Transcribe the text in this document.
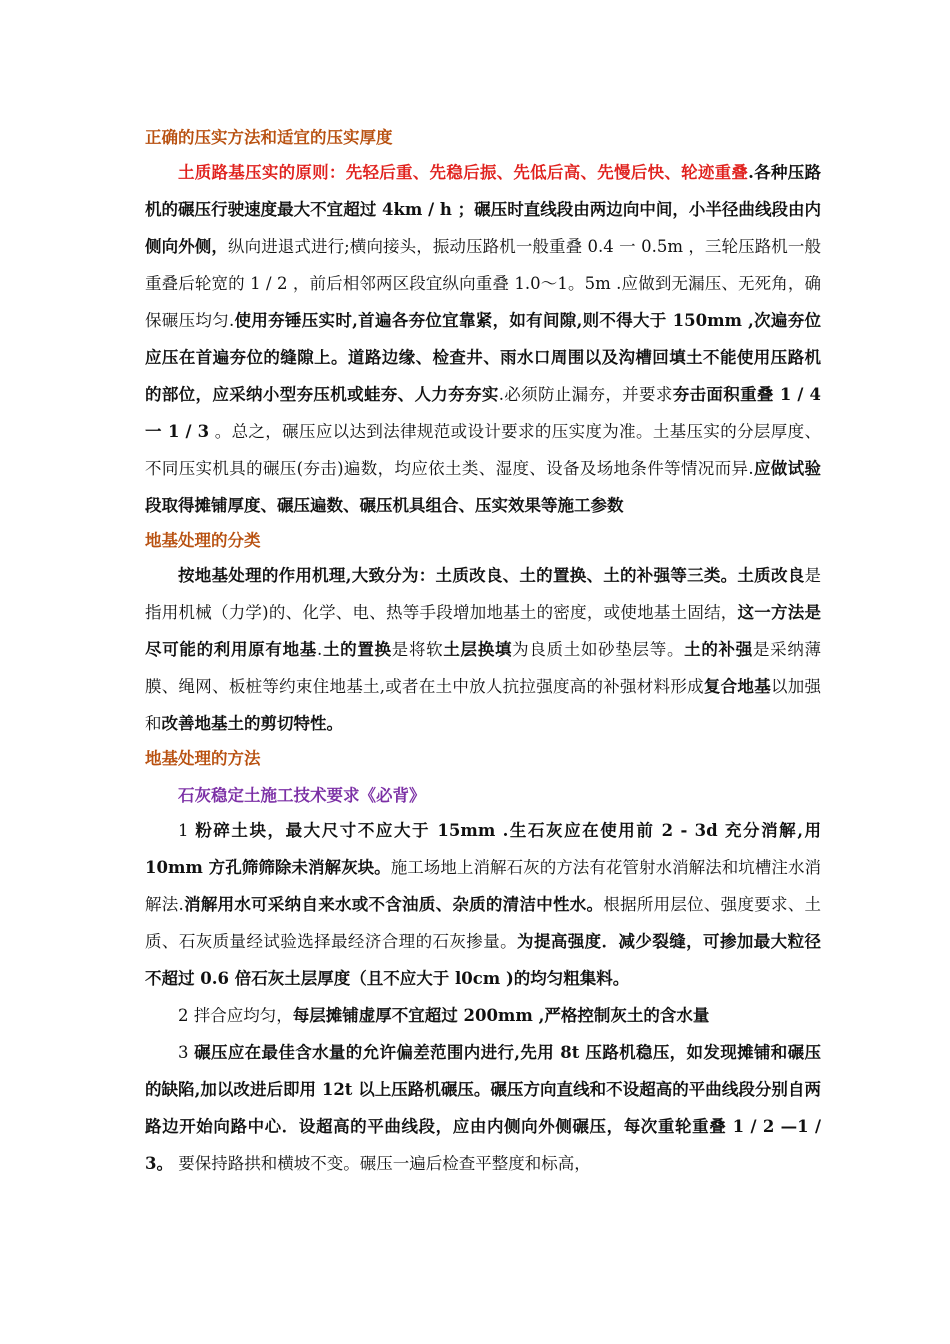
正确的压实方法和适宜的压实厚度

土质路基压实的原则：先轻后重、先稳后振、先低后高、先慢后快、轮迹重叠.各种压路机的碾压行驶速度最大不宜超过 4km / h ；碾压时直线段由两边向中间，小半径曲线段由内侧向外侧，纵向进退式进行;横向接头，振动压路机一般重叠 0.4 一 0.5m ，三轮压路机一般重叠后轮宽的 1 / 2 ，前后相邻两区段宜纵向重叠 1.0～1。5m .应做到无漏压、无死角，确保碾压均匀.使用夯锤压实时,首遍各夯位宜靠紧，如有间隙,则不得大于 150mm ,次遍夯位应压在首遍夯位的缝隙上。道路边缘、检查井、雨水口周围以及沟槽回填土不能使用压路机的部位，应采纳小型夯压机或蛙夯、人力夯夯实.必须防止漏夯，并要求夯击面积重叠 1 / 4 一 1 / 3 。总之，碾压应以达到法律规范或设计要求的压实度为准。土基压实的分层厚度、不同压实机具的碾压(夯击)遍数，均应依土类、湿度、设备及场地条件等情况而异.应做试验段取得摊铺厚度、碾压遍数、碾压机具组合、压实效果等施工参数

地基处理的分类

按地基处理的作用机理,大致分为：土质改良、土的置换、土的补强等三类。土质改良是指用机械（力学)的、化学、电、热等手段增加地基土的密度，或使地基土固结，这一方法是尽可能的利用原有地基.土的置换是将软土层换填为良质土如砂垫层等。土的补强是采纳薄膜、绳网、板桩等约束住地基土,或者在土中放人抗拉强度高的补强材料形成复合地基以加强和改善地基土的剪切特性。

地基处理的方法
石灰稳定土施工技术要求《必背》

1 粉碎土块，最大尺寸不应大于 15mm .生石灰应在使用前 2 - 3d 充分消解,用 10mm 方孔筛筛除未消解灰块。施工场地上消解石灰的方法有花管射水消解法和坑槽注水消解法.消解用水可采纳自来水或不含油质、杂质的清洁中性水。根据所用层位、强度要求、土质、石灰质量经试验选择最经济合理的石灰掺量。为提高强度．减少裂缝，可掺加最大粒径不超过 0.6 倍石灰土层厚度（且不应大于 l0cm )的均匀粗集料。

2 拌合应均匀，每层摊铺虚厚不宜超过 200mm ,严格控制灰土的含水量

3 碾压应在最佳含水量的允许偏差范围内进行,先用 8t 压路机稳压，如发现摊铺和碾压的缺陷,加以改进后即用 12t 以上压路机碾压。碾压方向直线和不设超高的平曲线段分别自两路边开始向路中心．设超高的平曲线段，应由内侧向外侧碾压，每次重轮重叠 1 / 2 —1 / 3。 要保持路拱和横坡不变。碾压一遍后检查平整度和标高，
